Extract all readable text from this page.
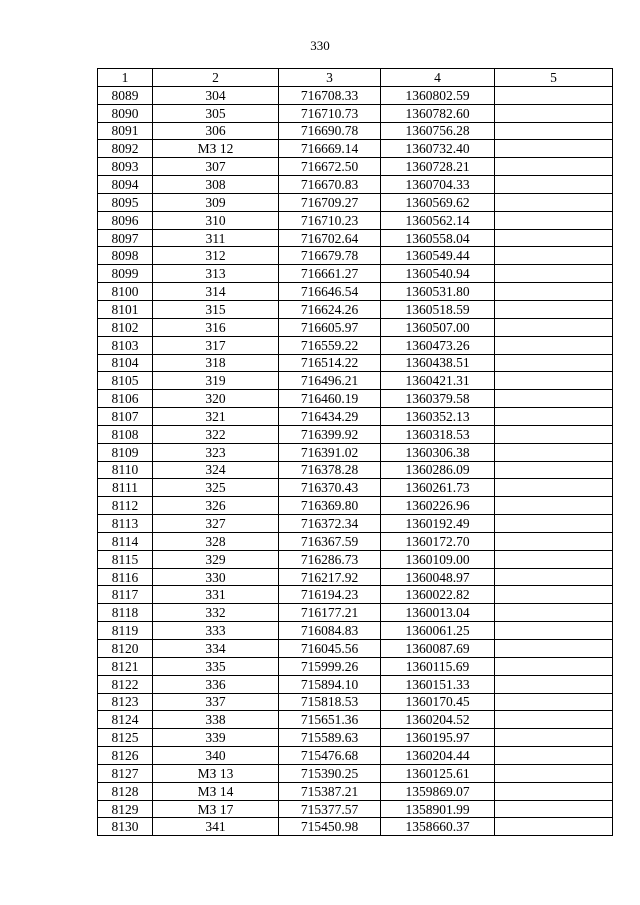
330
1	2	3	4	5
8089	304	716708.33	1360802.59	
8090	305	716710.73	1360782.60	
8091	306	716690.78	1360756.28	
8092	МЗ 12	716669.14	1360732.40	
8093	307	716672.50	1360728.21	
8094	308	716670.83	1360704.33	
8095	309	716709.27	1360569.62	
8096	310	716710.23	1360562.14	
8097	311	716702.64	1360558.04	
8098	312	716679.78	1360549.44	
8099	313	716661.27	1360540.94	
8100	314	716646.54	1360531.80	
8101	315	716624.26	1360518.59	
8102	316	716605.97	1360507.00	
8103	317	716559.22	1360473.26	
8104	318	716514.22	1360438.51	
8105	319	716496.21	1360421.31	
8106	320	716460.19	1360379.58	
8107	321	716434.29	1360352.13	
8108	322	716399.92	1360318.53	
8109	323	716391.02	1360306.38	
8110	324	716378.28	1360286.09	
8111	325	716370.43	1360261.73	
8112	326	716369.80	1360226.96	
8113	327	716372.34	1360192.49	
8114	328	716367.59	1360172.70	
8115	329	716286.73	1360109.00	
8116	330	716217.92	1360048.97	
8117	331	716194.23	1360022.82	
8118	332	716177.21	1360013.04	
8119	333	716084.83	1360061.25	
8120	334	716045.56	1360087.69	
8121	335	715999.26	1360115.69	
8122	336	715894.10	1360151.33	
8123	337	715818.53	1360170.45	
8124	338	715651.36	1360204.52	
8125	339	715589.63	1360195.97	
8126	340	715476.68	1360204.44	
8127	МЗ 13	715390.25	1360125.61	
8128	МЗ 14	715387.21	1359869.07	
8129	МЗ 17	715377.57	1358901.99	
8130	341	715450.98	1358660.37	
